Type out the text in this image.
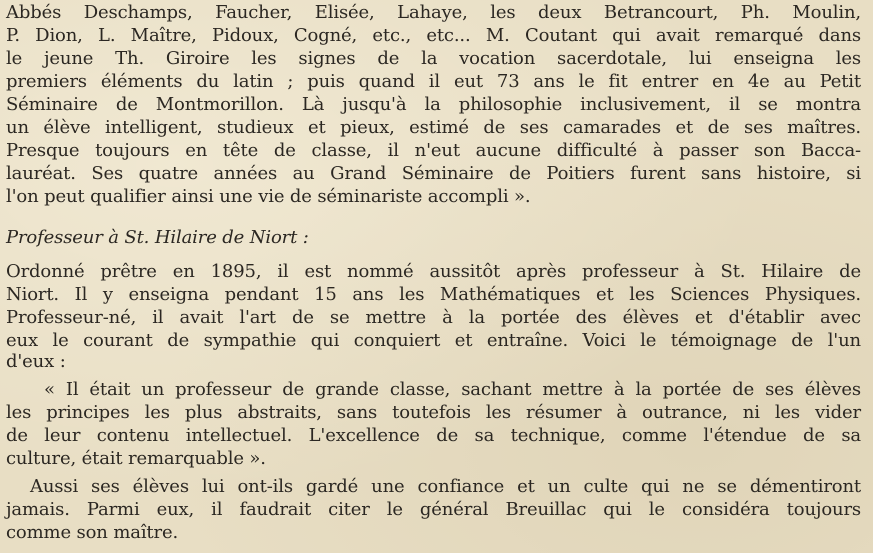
Abbés Deschamps, Faucher, Elisée, Lahaye, les deux Betrancourt, Ph. Moulin,
P. Dion, L. Maître, Pidoux, Cogné, etc., etc... M. Coutant qui avait remarqué dans
le jeune Th. Giroire les signes de la vocation sacerdotale, lui enseigna les
premiers éléments du latin ; puis quand il eut 73 ans le fit entrer en 4e au Petit
Séminaire de Montmorillon. Là jusqu'à la philosophie inclusivement, il se montra
un élève intelligent, studieux et pieux, estimé de ses camarades et de ses maîtres.
Presque toujours en tête de classe, il n'eut aucune difficulté à passer son Bacca-
lauréat. Ses quatre années au Grand Séminaire de Poitiers furent sans histoire, si
l'on peut qualifier ainsi une vie de séminariste accompli ».
Professeur à St. Hilaire de Niort :
Ordonné prêtre en 1895, il est nommé aussitôt après professeur à St. Hilaire de
Niort. Il y enseigna pendant 15 ans les Mathématiques et les Sciences Physiques.
Professeur-né, il avait l'art de se mettre à la portée des élèves et d'établir avec
eux le courant de sympathie qui conquiert et entraîne. Voici le témoignage de l'un
d'eux :
« Il était un professeur de grande classe, sachant mettre à la portée de ses élèves
les principes les plus abstraits, sans toutefois les résumer à outrance, ni les vider
de leur contenu intellectuel. L'excellence de sa technique, comme l'étendue de sa
culture, était remarquable ».
Aussi ses élèves lui ont-ils gardé une confiance et un culte qui ne se démentiront
jamais. Parmi eux, il faudrait citer le général Breuillac qui le considéra toujours
comme son maître.
